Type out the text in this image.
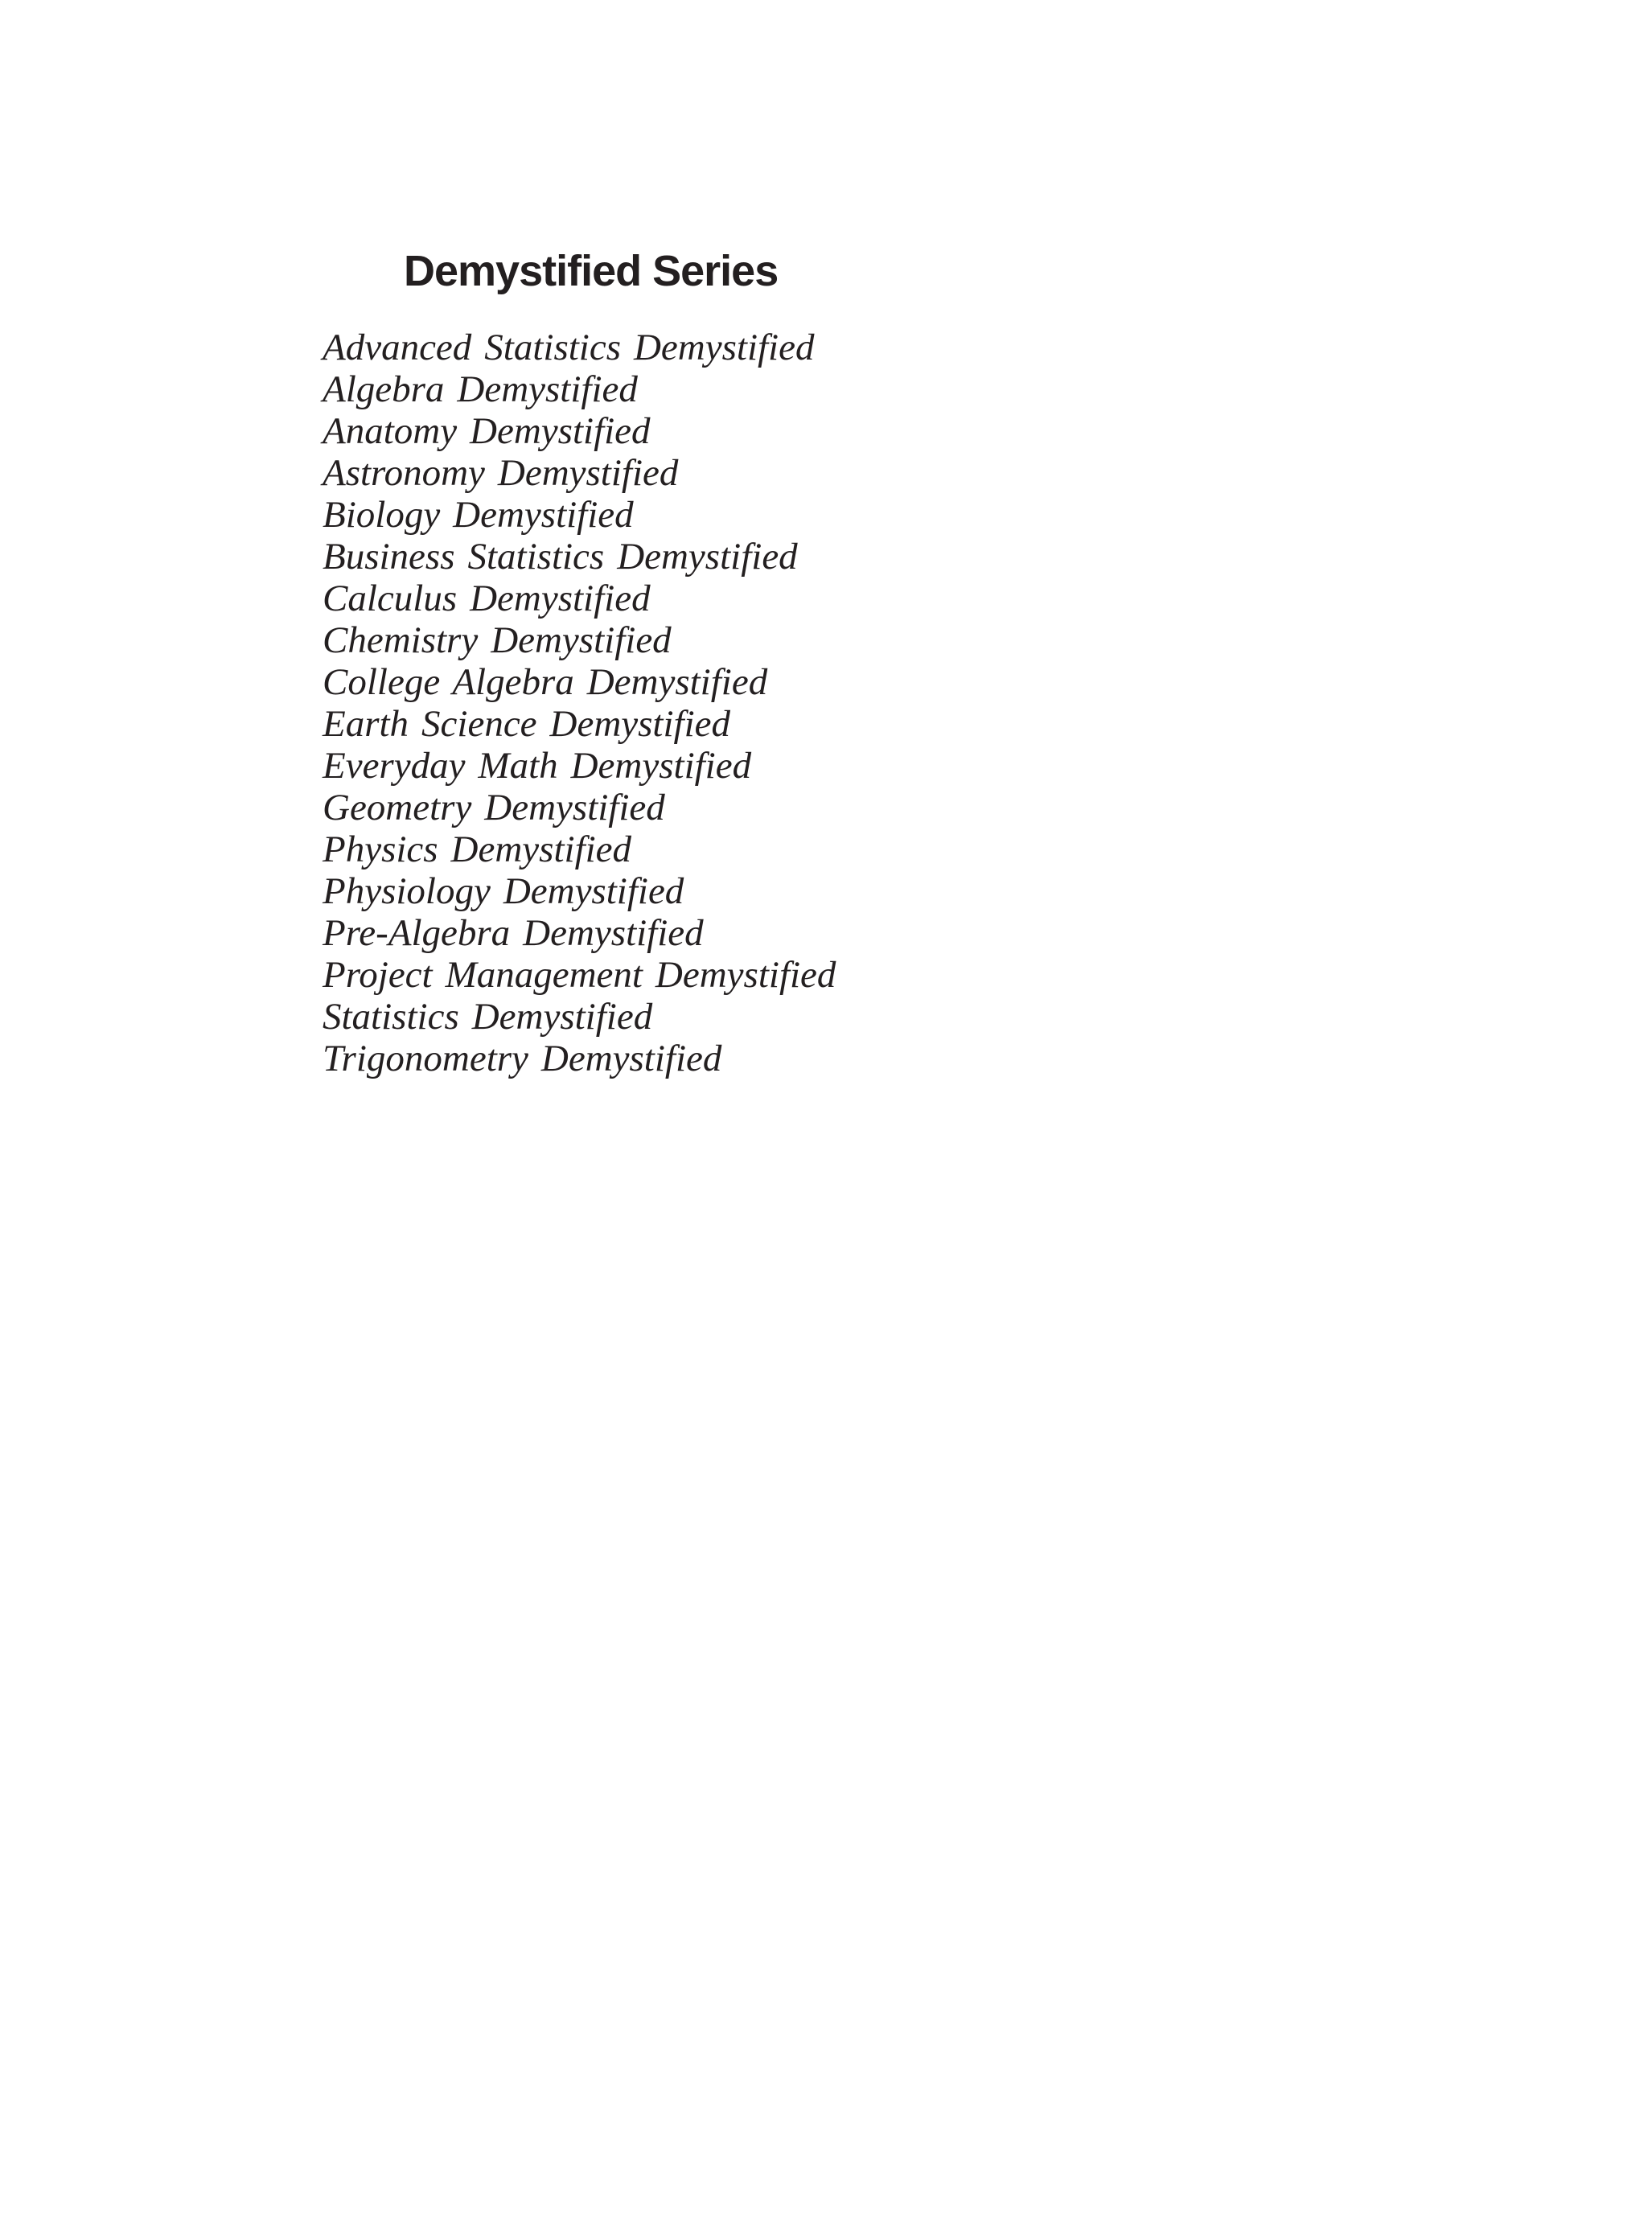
Demystified Series
Advanced Statistics Demystified
Algebra Demystified
Anatomy Demystified
Astronomy Demystified
Biology Demystified
Business Statistics Demystified
Calculus Demystified
Chemistry Demystified
College Algebra Demystified
Earth Science Demystified
Everyday Math Demystified
Geometry Demystified
Physics Demystified
Physiology Demystified
Pre-Algebra Demystified
Project Management Demystified
Statistics Demystified
Trigonometry Demystified
